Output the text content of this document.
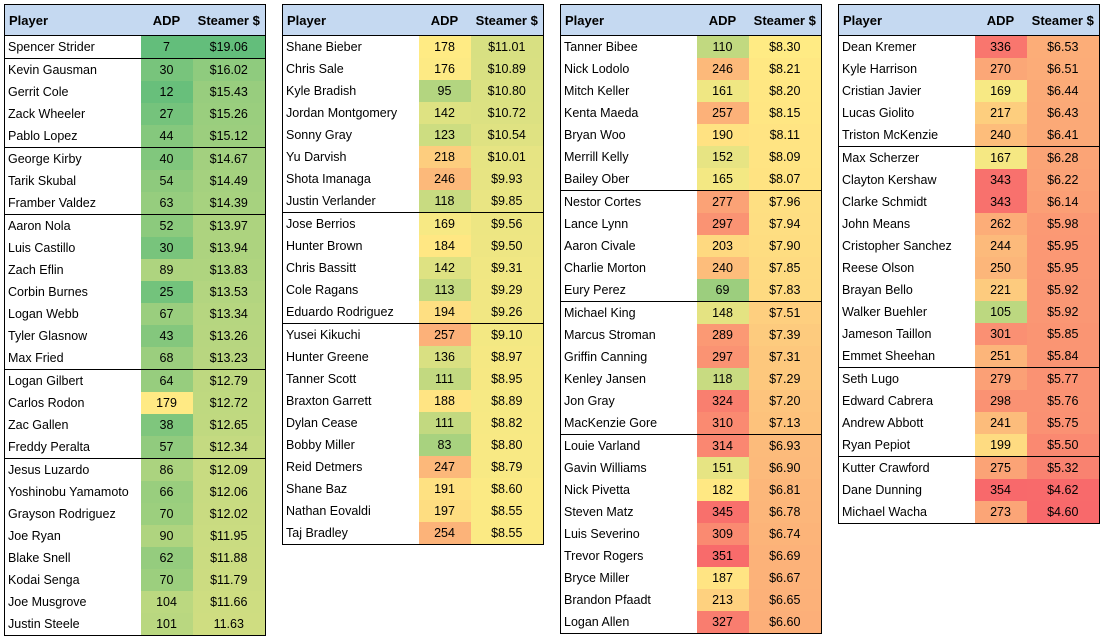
Player	ADP	Steamer $
Spencer Strider	7	$19.06
Kevin Gausman	30	$16.02
Gerrit Cole	12	$15.43
Zack Wheeler	27	$15.26
Pablo Lopez	44	$15.12
George Kirby	40	$14.67
Tarik Skubal	54	$14.49
Framber Valdez	63	$14.39
Aaron Nola	52	$13.97
Luis Castillo	30	$13.94
Zach Eflin	89	$13.83
Corbin Burnes	25	$13.53
Logan Webb	67	$13.34
Tyler Glasnow	43	$13.26
Max Fried	68	$13.23
Logan Gilbert	64	$12.79
Carlos Rodon	179	$12.72
Zac Gallen	38	$12.65
Freddy Peralta	57	$12.34
Jesus Luzardo	86	$12.09
Yoshinobu Yamamoto	66	$12.06
Grayson Rodriguez	70	$12.02
Joe Ryan	90	$11.95
Blake Snell	62	$11.88
Kodai Senga	70	$11.79
Joe Musgrove	104	$11.66
Justin Steele	101	11.63
Player	ADP	Steamer $
Shane Bieber	178	$11.01
Chris Sale	176	$10.89
Kyle Bradish	95	$10.80
Jordan Montgomery	142	$10.72
Sonny Gray	123	$10.54
Yu Darvish	218	$10.01
Shota Imanaga	246	$9.93
Justin Verlander	118	$9.85
Jose Berrios	169	$9.56
Hunter Brown	184	$9.50
Chris Bassitt	142	$9.31
Cole Ragans	113	$9.29
Eduardo Rodriguez	194	$9.26
Yusei Kikuchi	257	$9.10
Hunter Greene	136	$8.97
Tanner Scott	111	$8.95
Braxton Garrett	188	$8.89
Dylan Cease	111	$8.82
Bobby Miller	83	$8.80
Reid Detmers	247	$8.79
Shane Baz	191	$8.60
Nathan Eovaldi	197	$8.55
Taj Bradley	254	$8.55
Player	ADP	Steamer $
Tanner Bibee	110	$8.30
Nick Lodolo	246	$8.21
Mitch Keller	161	$8.20
Kenta Maeda	257	$8.15
Bryan Woo	190	$8.11
Merrill Kelly	152	$8.09
Bailey Ober	165	$8.07
Nestor Cortes	277	$7.96
Lance Lynn	297	$7.94
Aaron Civale	203	$7.90
Charlie Morton	240	$7.85
Eury Perez	69	$7.83
Michael King	148	$7.51
Marcus Stroman	289	$7.39
Griffin Canning	297	$7.31
Kenley Jansen	118	$7.29
Jon Gray	324	$7.20
MacKenzie Gore	310	$7.13
Louie Varland	314	$6.93
Gavin Williams	151	$6.90
Nick Pivetta	182	$6.81
Steven Matz	345	$6.78
Luis Severino	309	$6.74
Trevor Rogers	351	$6.69
Bryce Miller	187	$6.67
Brandon Pfaadt	213	$6.65
Logan Allen	327	$6.60
Player	ADP	Steamer $
Dean Kremer	336	$6.53
Kyle Harrison	270	$6.51
Cristian Javier	169	$6.44
Lucas Giolito	217	$6.43
Triston McKenzie	240	$6.41
Max Scherzer	167	$6.28
Clayton Kershaw	343	$6.22
Clarke Schmidt	343	$6.14
John Means	262	$5.98
Cristopher Sanchez	244	$5.95
Reese Olson	250	$5.95
Brayan Bello	221	$5.92
Walker Buehler	105	$5.92
Jameson Taillon	301	$5.85
Emmet Sheehan	251	$5.84
Seth Lugo	279	$5.77
Edward Cabrera	298	$5.76
Andrew Abbott	241	$5.75
Ryan Pepiot	199	$5.50
Kutter Crawford	275	$5.32
Dane Dunning	354	$4.62
Michael Wacha	273	$4.60
